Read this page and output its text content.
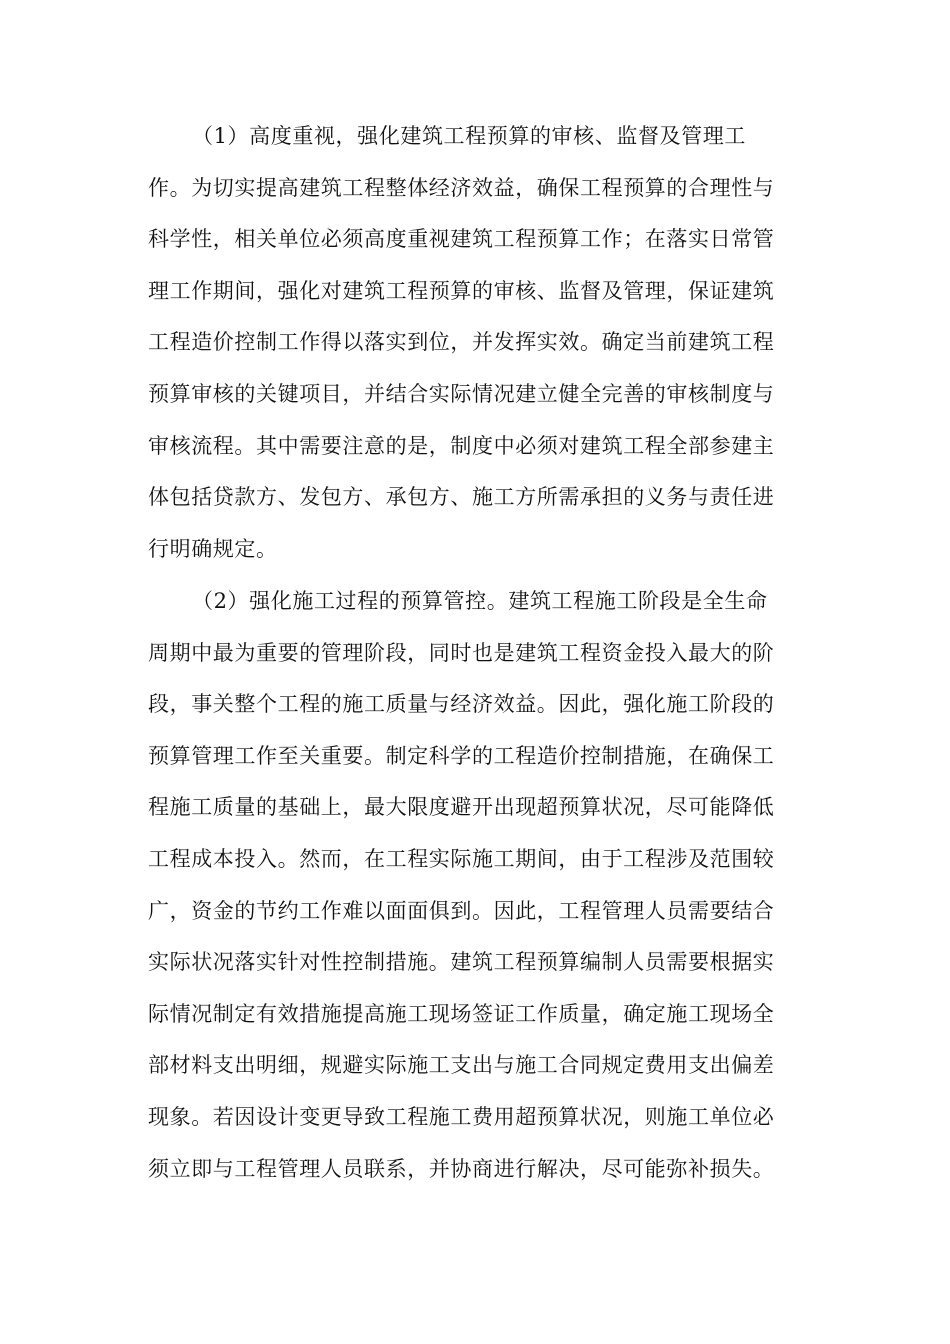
（1）高度重视，强化建筑工程预算的审核、监督及管理工
作。为切实提高建筑工程整体经济效益，确保工程预算的合理性与
科学性，相关单位必须高度重视建筑工程预算工作；在落实日常管
理工作期间，强化对建筑工程预算的审核、监督及管理，保证建筑
工程造价控制工作得以落实到位，并发挥实效。确定当前建筑工程
预算审核的关键项目，并结合实际情况建立健全完善的审核制度与
审核流程。其中需要注意的是，制度中必须对建筑工程全部参建主
体包括贷款方、发包方、承包方、施工方所需承担的义务与责任进
行明确规定。
（2）强化施工过程的预算管控。建筑工程施工阶段是全生命
周期中最为重要的管理阶段，同时也是建筑工程资金投入最大的阶
段，事关整个工程的施工质量与经济效益。因此，强化施工阶段的
预算管理工作至关重要。制定科学的工程造价控制措施，在确保工
程施工质量的基础上，最大限度避开出现超预算状况，尽可能降低
工程成本投入。然而，在工程实际施工期间，由于工程涉及范围较
广，资金的节约工作难以面面俱到。因此，工程管理人员需要结合
实际状况落实针对性控制措施。建筑工程预算编制人员需要根据实
际情况制定有效措施提高施工现场签证工作质量，确定施工现场全
部材料支出明细，规避实际施工支出与施工合同规定费用支出偏差
现象。若因设计变更导致工程施工费用超预算状况，则施工单位必
须立即与工程管理人员联系，并协商进行解决，尽可能弥补损失。
